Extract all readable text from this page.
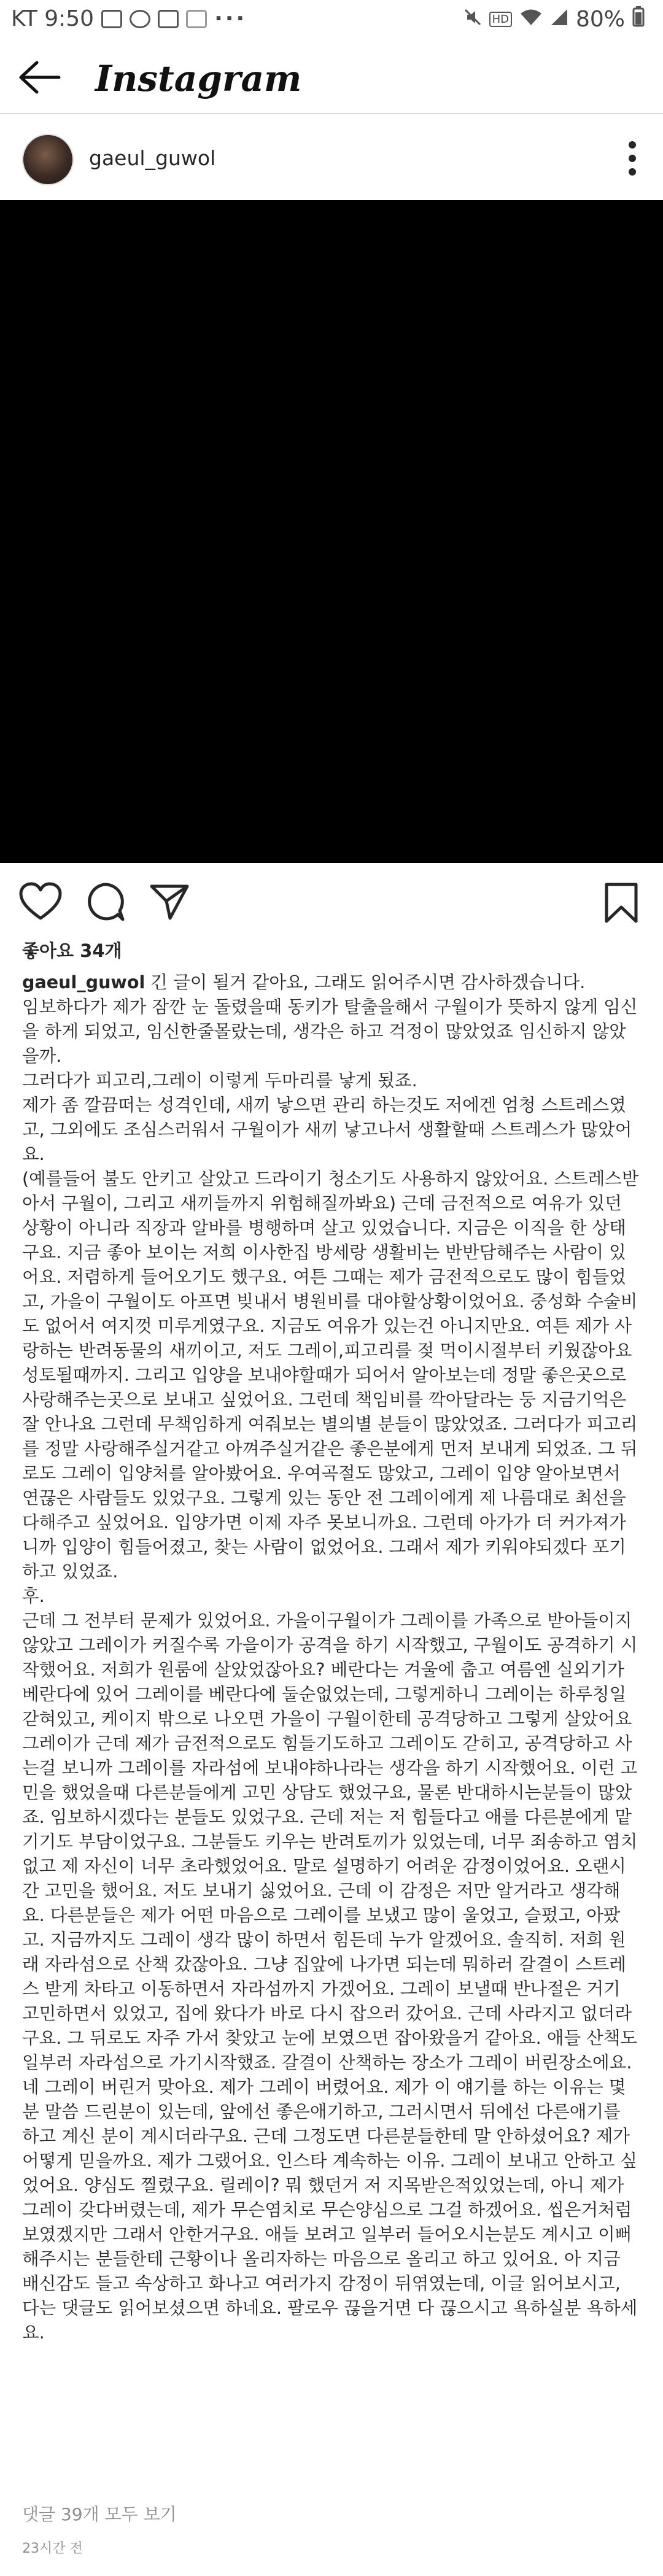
KT 9:50	···	HD	80%
Instagram
gaeul_guwol
좋아요 34개

gaeul_guwol 긴 글이 될거 같아요, 그래도 읽어주시면 감사하겠습니다.
임보하다가 제가 잠깐 눈 돌렸을때 동키가 탈출을해서 구월이가 뜻하지 않게 임신을 하게 되었고, 임신한줄몰랐는데, 생각은 하고 걱정이 많았었죠 임신하지 않았을까.
그러다가 피고리,그레이 이렇게 두마리를 낳게 됬죠.
제가 좀 깔끔떠는 성격인데, 새끼 낳으면 관리 하는것도 저에겐 엄청 스트레스였고, 그외에도 조심스러워서 구월이가 새끼 낳고나서 생활할때 스트레스가 많았어요.
(예를들어 불도 안키고 살았고 드라이기 청소기도 사용하지 않았어요. 스트레스받아서 구월이, 그리고 새끼들까지 위험해질까봐요) 근데 금전적으로 여유가 있던 상황이 아니라 직장과 알바를 병행하며 살고 있었습니다. 지금은 이직을 한 상태구요. 지금 좋아 보이는 저희 이사한집 방세랑 생활비는 반반담해주는 사람이 있어요. 저렴하게 들어오기도 했구요. 여튼 그때는 제가 금전적으로도 많이 힘들었고, 가을이 구월이도 아프면 빚내서 병원비를 대야할상황이었어요. 중성화 수술비도 없어서 여지껏 미루게였구요. 지금도 여유가 있는건 아니지만요. 여튼 제가 사랑하는 반려동물의 새끼이고, 저도 그레이,피고리를 젖 먹이시절부터 키웠잖아요 성토될때까지. 그리고 입양을 보내야할때가 되어서 알아보는데 정말 좋은곳으로 사랑해주는곳으로 보내고 싶었어요. 그런데 책임비를 깍아달라는 둥 지금기억은 잘 안나요 그런데 무책임하게 여줘보는 별의별 분들이 많았었죠. 그러다가 피고리를 정말 사랑해주실거같고 아껴주실거같은 좋은분에게 먼저 보내게 되었죠. 그 뒤로도 그레이 입양처를 알아봤어요. 우여곡절도 많았고, 그레이 입양 알아보면서 연끊은 사람들도 있었구요. 그렇게 있는 동안 전 그레이에게 제 나름대로 최선을 다해주고 싶었어요. 입양가면 이제 자주 못보니까요. 그런데 아가가 더 커가져가니까 입양이 힘들어졌고, 찾는 사람이 없었어요. 그래서 제가 키워야되겠다 포기하고 있었죠.
후.
근데 그 전부터 문제가 있었어요. 가을이구월이가 그레이를 가족으로 받아들이지 않았고 그레이가 커질수록 가을이가 공격을 하기 시작했고, 구월이도 공격하기 시작했어요. 저희가 원룸에 살았었잖아요? 베란다는 겨울에 춥고 여름엔 실외기가 베란다에 있어 그레이를 베란다에 둘순없었는데, 그렇게하니 그레이는 하루칭일 갇혀있고, 케이지 밖으로 나오면 가을이 구월이한테 공격당하고 그렇게 살았어요 그레이가 근데 제가 금전적으로도 힘들기도하고 그레이도 갇히고, 공격당하고 사는걸 보니까 그레이를 자라섬에 보내야하나라는 생각을 하기 시작했어요. 이런 고민을 했었을때 다른분들에게 고민 상담도 했었구요, 물론 반대하시는분들이 많았죠. 임보하시겠다는 분들도 있었구요. 근데 저는 저 힘들다고 애를 다른분에게 맡기기도 부담이었구요. 그분들도 키우는 반려토끼가 있었는데, 너무 죄송하고 염치없고 제 자신이 너무 초라했었어요. 말로 설명하기 어려운 감정이었어요. 오랜시간 고민을 했어요. 저도 보내기 싫었어요. 근데 이 감정은 저만 알거라고 생각해요. 다른분들은 제가 어떤 마음으로 그레이를 보냈고 많이 울었고, 슬펐고, 아팠고. 지금까지도 그레이 생각 많이 하면서 힘든데 누가 알겠어요. 솔직히. 저희 원래 자라섬으로 산책 갔잖아요. 그냥 집앞에 나가면 되는데 뭐하러 갈결이 스트레스 받게 차타고 이동하면서 자라섬까지 가겠어요. 그레이 보낼때 반나절은 거기 고민하면서 있었고, 집에 왔다가 바로 다시 잡으러 갔어요. 근데 사라지고 없더라구요. 그 뒤로도 자주 가서 찾았고 눈에 보였으면 잡아왔을거 같아요. 애들 산책도 일부러 자라섬으로 가기시작했죠. 갈결이 산책하는 장소가 그레이 버린장소에요. 네 그레이 버린거 맞아요. 제가 그레이 버렸어요. 제가 이 얘기를 하는 이유는 몇분 말씀 드린분이 있는데, 앞에선 좋은애기하고, 그러시면서 뒤에선 다른애기를 하고 계신 분이 계시더라구요. 근데 그정도면 다른분들한테 말 안하셨어요? 제가 어떻게 믿을까요. 제가 그랬어요. 인스타 계속하는 이유. 그레이 보내고 안하고 싶었어요. 양심도 찔렸구요. 릴레이? 뭐 했던거 저 지목받은적있었는데, 아니 제가 그레이 갖다버렸는데, 제가 무슨염치로 무슨양심으로 그걸 하겠어요. 씹은거처럼 보였겠지만 그래서 안한거구요. 애들 보려고 일부러 들어오시는분도 계시고 이뻐해주시는 분들한테 근황이나 올리자하는 마음으로 올리고 하고 있어요. 아 지금 배신감도 들고 속상하고 화나고 여러가지 감정이 뒤엮였는데, 이글 읽어보시고, 다는 댓글도 읽어보셨으면 하네요. 팔로우 끊을거면 다 끊으시고 욕하실분 욕하세요.

댓글 39개 모두 보기
23시간 전
